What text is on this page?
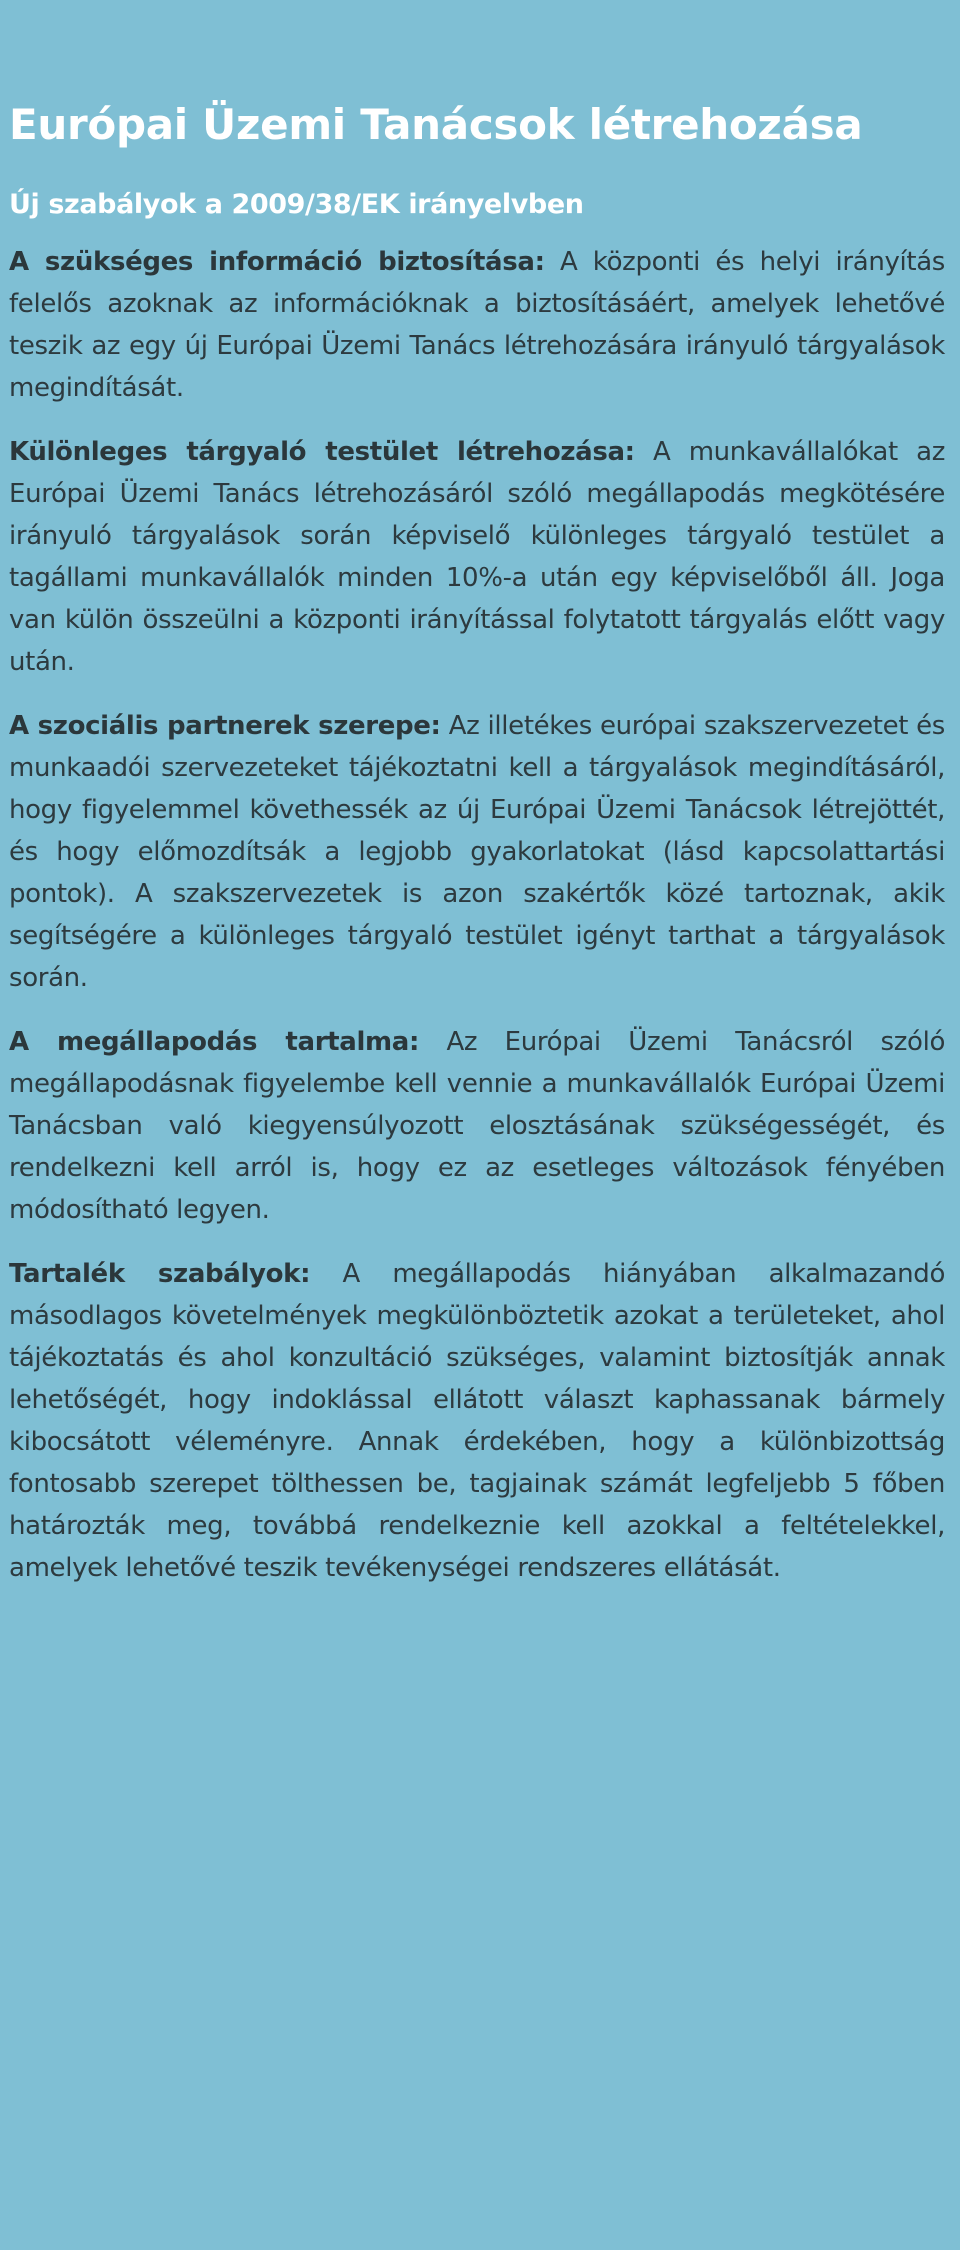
Európai Üzemi Tanácsok létrehozása
Új szabályok a 2009/38/EK irányelvben

A szükséges információ biztosítása: A központi és helyi irányítás felelős azoknak az információknak a biztosításáért, amelyek lehetővé teszik az egy új Európai Üzemi Tanács létrehozására irányuló tárgyalások megindítását.

Különleges tárgyaló testület létrehozása: A munkavállalókat az Európai Üzemi Tanács létrehozásáról szóló megállapodás megkötésére irányuló tárgyalások során képviselő különleges tárgyaló testület a tagállami munkavállalók minden 10%-a után egy képviselőből áll. Joga van külön összeülni a központi irányítással folytatott tárgyalás előtt vagy után.

A szociális partnerek szerepe: Az illetékes európai szakszervezetet és munkaadói szervezeteket tájékoztatni kell a tárgyalások megindításáról, hogy figyelemmel követhessék az új Európai Üzemi Tanácsok létrejöttét, és hogy előmozdítsák a legjobb gyakorlatokat (lásd kapcsolattartási pontok). A szakszervezetek is azon szakértők közé tartoznak, akik segítségére a különleges tárgyaló testület igényt tarthat a tárgyalások során.

A megállapodás tartalma: Az Európai Üzemi Tanácsról szóló megállapodásnak figyelembe kell vennie a munkavállalók Európai Üzemi Tanácsban való kiegyensúlyozott elosztásának szükségességét, és rendelkezni kell arról is, hogy ez az esetleges változások fényében módosítható legyen.

Tartalék szabályok: A megállapodás hiányában alkalmazandó másodlagos követelmények megkülönböztetik azokat a területeket, ahol tájékoztatás és ahol konzultáció szükséges, valamint biztosítják annak lehetőségét, hogy indoklással ellátott választ kaphassanak bármely kibocsátott véleményre. Annak érdekében, hogy a különbizottság fontosabb szerepet tölthessen be, tagjainak számát legfeljebb 5 főben határozták meg, továbbá rendelkeznie kell azokkal a feltételekkel, amelyek lehetővé teszik tevékenységei rendszeres ellátását.
